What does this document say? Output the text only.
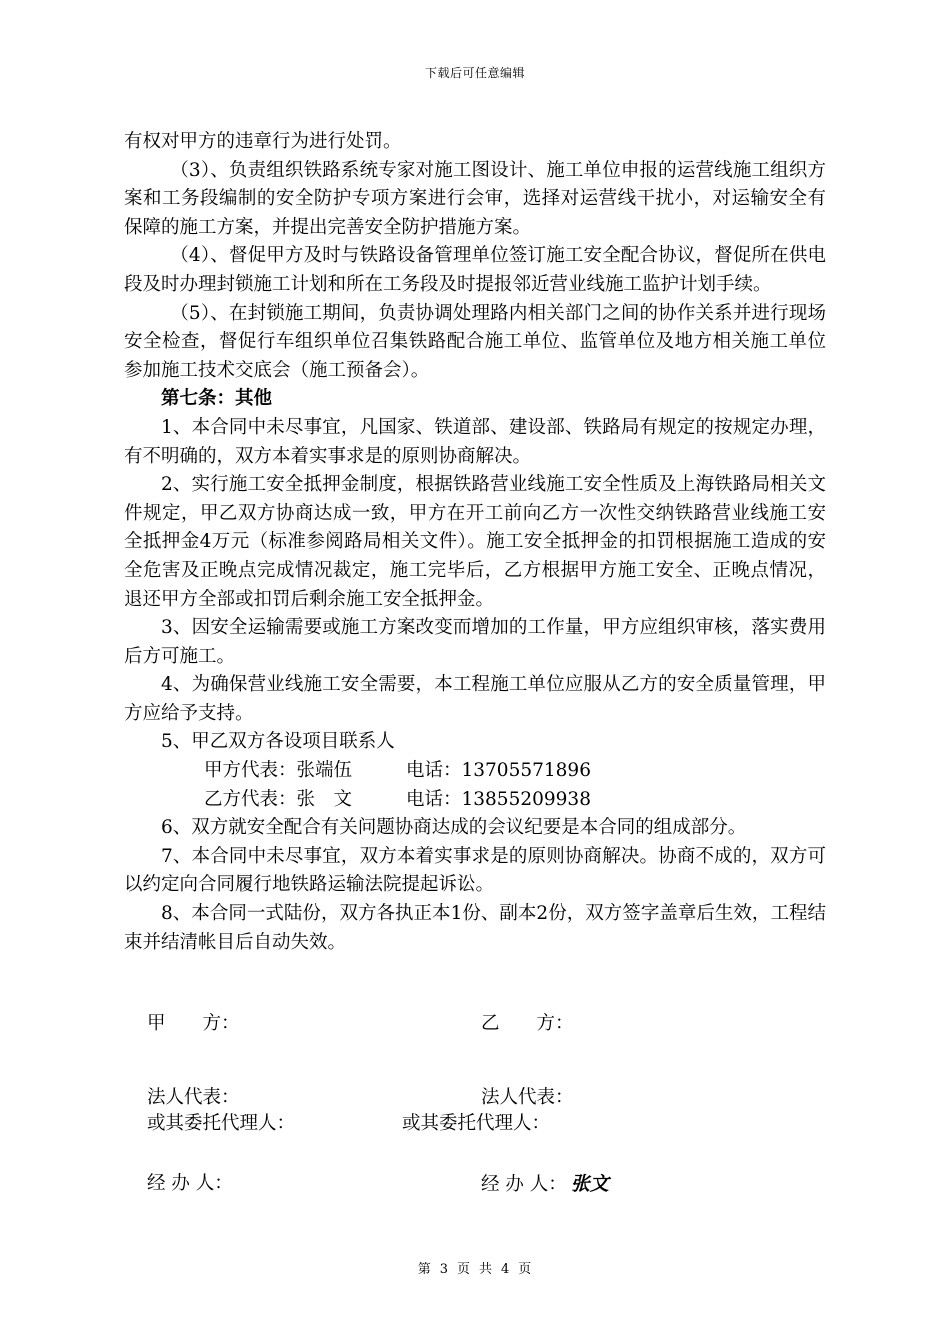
下载后可任意编辑

有权对甲方的违章行为进行处罚。

（3）、负责组织铁路系统专家对施工图设计、施工单位申报的运营线施工组织方案和工务段编制的安全防护专项方案进行会审，选择对运营线干扰小，对运输安全有保障的施工方案，并提出完善安全防护措施方案。

（4）、督促甲方及时与铁路设备管理单位签订施工安全配合协议，督促所在供电段及时办理封锁施工计划和所在工务段及时提报邻近营业线施工监护计划手续。

（5）、在封锁施工期间，负责协调处理路内相关部门之间的协作关系并进行现场安全检查，督促行车组织单位召集铁路配合施工单位、监管单位及地方相关施工单位参加施工技术交底会（施工预备会）。

第七条：其他

1、本合同中未尽事宜，凡国家、铁道部、建设部、铁路局有规定的按规定办理，有不明确的，双方本着实事求是的原则协商解决。

2、实行施工安全抵押金制度，根据铁路营业线施工安全性质及上海铁路局相关文件规定，甲乙双方协商达成一致，甲方在开工前向乙方一次性交纳铁路营业线施工安全抵押金4万元（标准参阅路局相关文件）。施工安全抵押金的扣罚根据施工造成的安全危害及正晚点完成情况裁定，施工完毕后，乙方根据甲方施工安全、正晚点情况，退还甲方全部或扣罚后剩余施工安全抵押金。

3、因安全运输需要或施工方案改变而增加的工作量，甲方应组织审核，落实费用后方可施工。

4、为确保营业线施工安全需要，本工程施工单位应服从乙方的安全质量管理，甲方应给予支持。

5、甲乙双方各设项目联系人

甲方代表：张端伍	电话：13705571896

乙方代表：张　文	电话：13855209938

6、双方就安全配合有关问题协商达成的会议纪要是本合同的组成部分。

7、本合同中未尽事宜，双方本着实事求是的原则协商解决。协商不成的，双方可以约定向合同履行地铁路运输法院提起诉讼。

8、本合同一式陆份，双方各执正本1份、副本2份，双方签字盖章后生效，工程结束并结清帐目后自动失效。

甲　　方：	乙　　方：
法人代表：	法人代表：
或其委托代理人：	或其委托代理人：
经 办 人：	经 办 人： 张文
第 3 页 共 4 页
